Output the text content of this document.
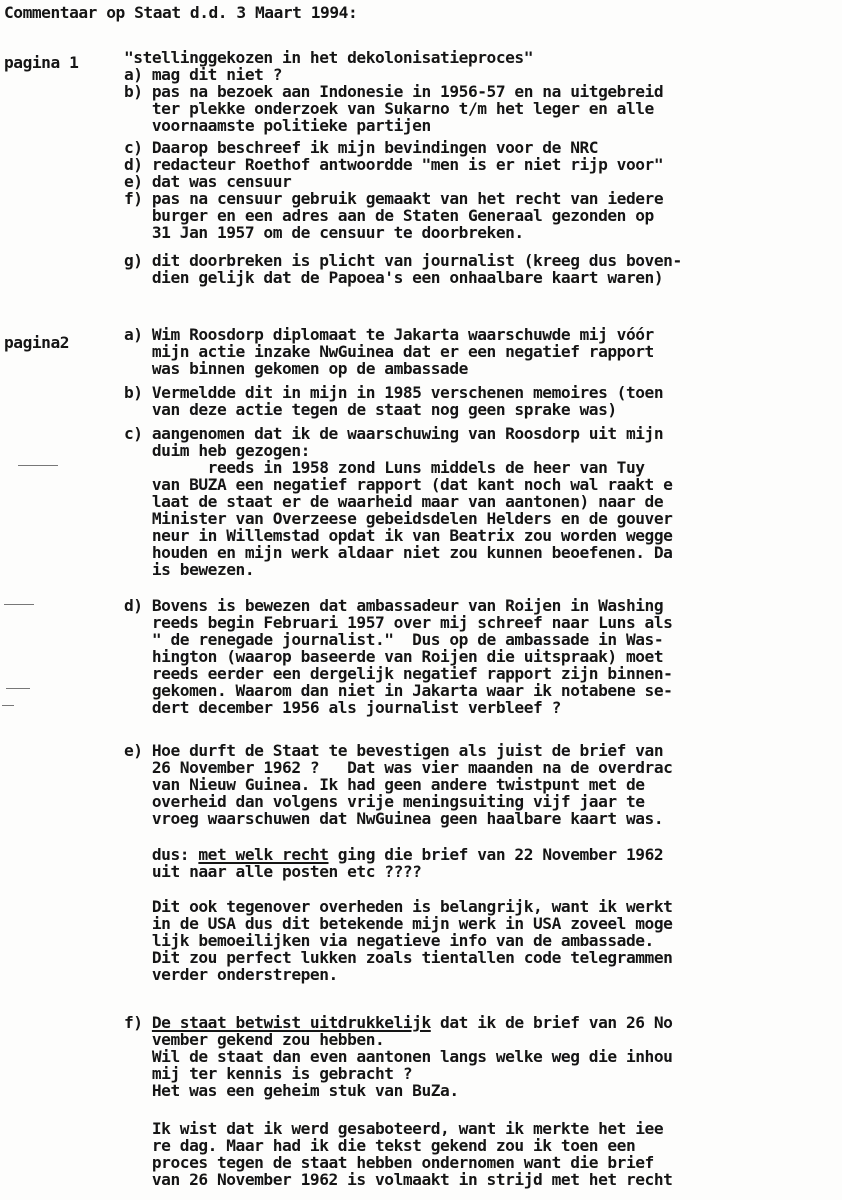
Commentaar op Staat d.d. 3 Maart 1994:
pagina 1	"stellinggekozen in het dekolonisatieproces"
a) mag dit niet ?
b) pas na bezoek aan Indonesie in 1956-57 en na uitgebreid
ter plekke onderzoek van Sukarno t/m het leger en alle
voornaamste politieke partijen
c) Daarop beschreef ik mijn bevindingen voor de NRC
d) redacteur Roethof antwoordde "men is er niet rijp voor"
e) dat was censuur
f) pas na censuur gebruik gemaakt van het recht van iedere
burger en een adres aan de Staten Generaal gezonden op
31 Jan 1957 om de censuur te doorbreken.
g) dit doorbreken is plicht van journalist (kreeg dus boven-
dien gelijk dat de Papoea's een onhaalbare kaart waren)
pagina2	a) Wim Roosdorp diplomaat te Jakarta waarschuwde mij vóór
mijn actie inzake NwGuinea dat er een negatief rapport
was binnen gekomen op de ambassade
b) Vermeldde dit in mijn in 1985 verschenen memoires (toen
van deze actie tegen de staat nog geen sprake was)
c) aangenomen dat ik de waarschuwing van Roosdorp uit mijn
duim heb gezogen:
reeds in 1958 zond Luns middels de heer van Tuy
van BUZA een negatief rapport (dat kant noch wal raakt e
laat de staat er de waarheid maar van aantonen) naar de
Minister van Overzeese gebeidsdelen Helders en de gouver
neur in Willemstad opdat ik van Beatrix zou worden wegge
houden en mijn werk aldaar niet zou kunnen beoefenen. Da
is bewezen.
d) Bovens is bewezen dat ambassadeur van Roijen in Washing
reeds begin Februari 1957 over mij schreef naar Luns als
" de renegade journalist."  Dus op de ambassade in Was-
hington (waarop baseerde van Roijen die uitspraak) moet
reeds eerder een dergelijk negatief rapport zijn binnen-
gekomen. Waarom dan niet in Jakarta waar ik notabene se-
dert december 1956 als journalist verbleef ?
e) Hoe durft de Staat te bevestigen als juist de brief van
26 November 1962 ?   Dat was vier maanden na de overdrac
van Nieuw Guinea. Ik had geen andere twistpunt met de
overheid dan volgens vrije meningsuiting vijf jaar te
vroeg waarschuwen dat NwGuinea geen haalbare kaart was.
dus: met welk recht ging die brief van 22 November 1962
uit naar alle posten etc ????
Dit ook tegenover overheden is belangrijk, want ik werkt
in de USA dus dit betekende mijn werk in USA zoveel moge
lijk bemoeilijken via negatieve info van de ambassade.
Dit zou perfect lukken zoals tientallen code telegrammen
verder onderstrepen.
f) De staat betwist uitdrukkelijk dat ik de brief van 26 No
vember gekend zou hebben.
Wil de staat dan even aantonen langs welke weg die inhou
mij ter kennis is gebracht ?
Het was een geheim stuk van BuZa.
Ik wist dat ik werd gesaboteerd, want ik merkte het iee
re dag. Maar had ik die tekst gekend zou ik toen een
proces tegen de staat hebben ondernomen want die brief
van 26 November 1962 is volmaakt in strijd met het recht
